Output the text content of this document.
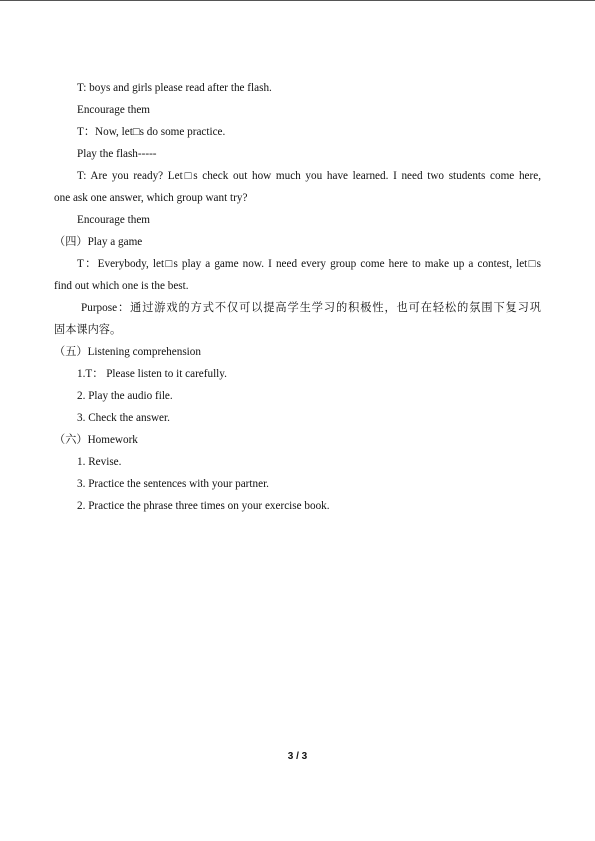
T: boys and girls please read after the flash.
Encourage them
T：Now, let□s do some practice.
Play the flash-----
T: Are you ready? Let□s check out how much you have learned. I need two students come here,
one ask one answer, which group want try?
Encourage them
（四）Play a game
T：Everybody, let□s play a game now. I need every group come here to make up a contest, let□s
find out which one is the best.
Purpose：通过游戏的方式不仅可以提高学生学习的积极性，也可在轻松的氛围下复习巩
固本课内容。
（五）Listening comprehension
1.T： Please listen to it carefully.
2. Play the audio file.
3. Check the answer.
（六）Homework
1. Revise.
3. Practice the sentences with your partner.
2. Practice the phrase three times on your exercise book.
3 / 3
